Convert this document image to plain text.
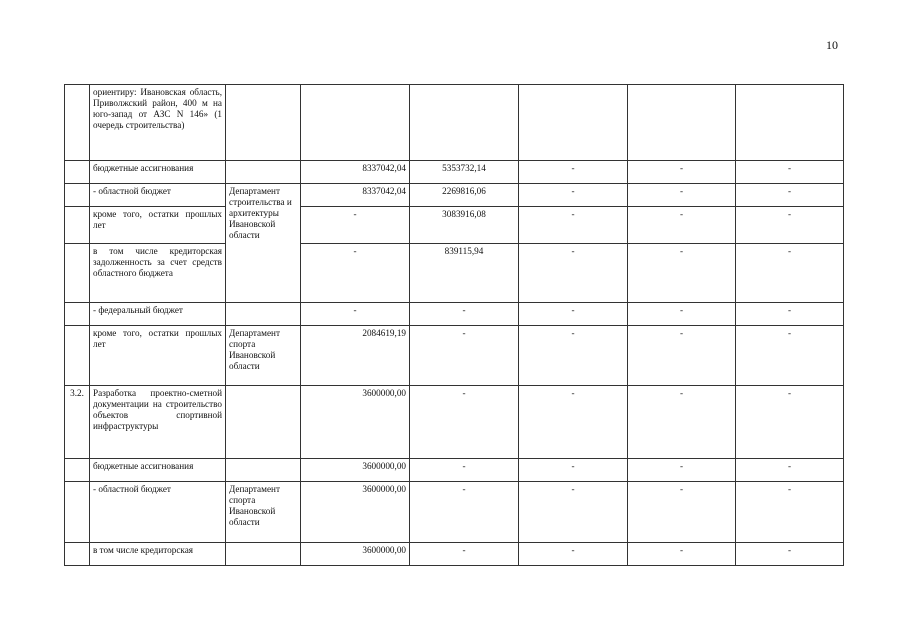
10
	ориентиру: Ивановская область, Приволжский район, 400 м на юго-запад от АЗС N 146» (1 очередь строительства)						
	бюджетные ассигнования		8337042,04	5353732,14	-	-	-
	- областной бюджет	Департамент строительства и архитектуры Ивановской области	8337042,04	2269816,06	-	-	-
	кроме того, остатки прошлых лет		-	3083916,08	-	-	-
	в том числе кредиторская задолженность за счет средств областного бюджета		-	839115,94	-	-	-
	- федеральный бюджет		-	-	-	-	-
	кроме того, остатки прошлых лет	Департамент спорта Ивановской области	2084619,19	-	-	-	-
3.2.	Разработка проектно-сметной документации на строительство объектов спортивной инфраструктуры		3600000,00	-	-	-	-
	бюджетные ассигнования		3600000,00	-	-	-	-
	- областной бюджет	Департамент спорта Ивановской области	3600000,00	-	-	-	-
	в том числе кредиторская		3600000,00	-	-	-	-
